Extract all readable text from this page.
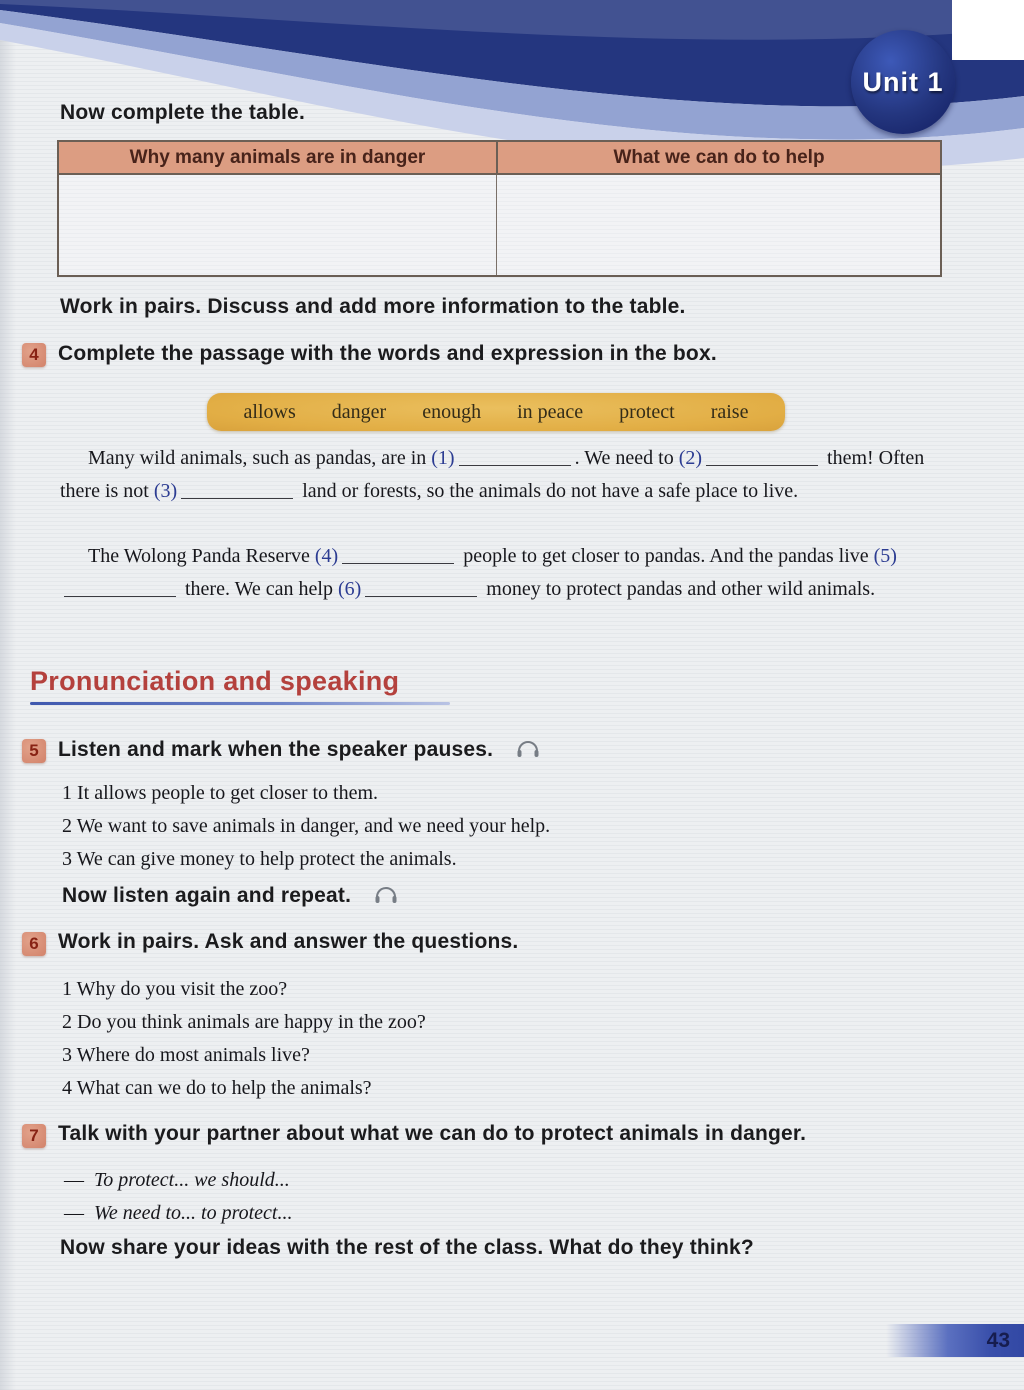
Unit 1
Now complete the table.
Why many animals are in danger	What we can do to help
Work in pairs. Discuss and add more information to the table.
4 Complete the passage with the words and expression in the box.
allows danger enough in peace protect raise

Many wild animals, such as pandas, are in (1)	. We need to (2)	them! Often there is not (3)	land or forests, so the animals do not have a safe place to live.

The Wolong Panda Reserve (4)	people to get closer to pandas. And the pandas live (5) there. We can help (6)	money to protect pandas and other wild animals.

Pronunciation and speaking
5 Listen and mark when the speaker pauses.
1 It allows people to get closer to them.
2 We want to save animals in danger, and we need your help.
3 We can give money to help protect the animals.
Now listen again and repeat.
6 Work in pairs. Ask and answer the questions.
1 Why do you visit the zoo?
2 Do you think animals are happy in the zoo?
3 Where do most animals live?
4 What can we do to help the animals?
7 Talk with your partner about what we can do to protect animals in danger.
— To protect... we should...
— We need to... to protect...
Now share your ideas with the rest of the class. What do they think?
43
